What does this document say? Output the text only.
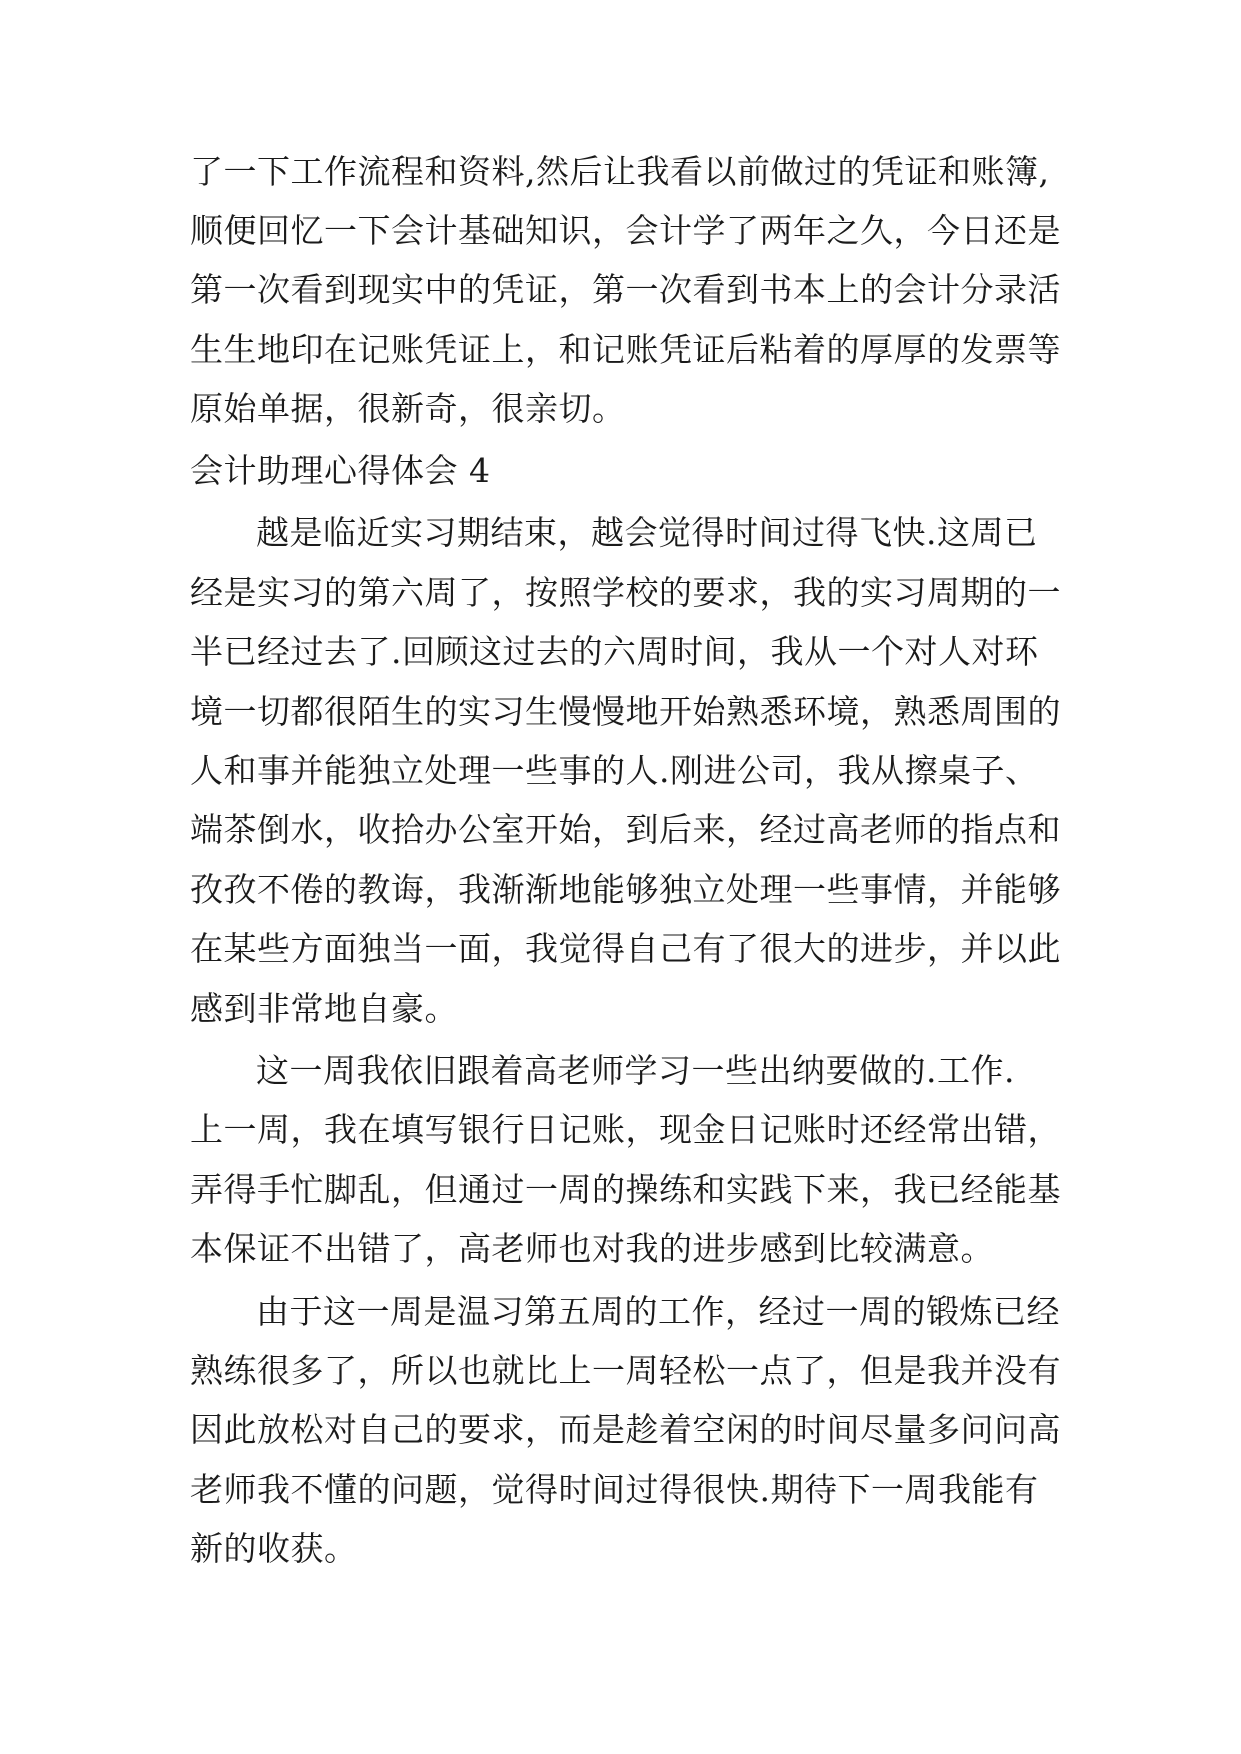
了一下工作流程和资料,然后让我看以前做过的凭证和账簿,
顺便回忆一下会计基础知识，会计学了两年之久，今日还是
第一次看到现实中的凭证，第一次看到书本上的会计分录活
生生地印在记账凭证上，和记账凭证后粘着的厚厚的发票等
原始单据，很新奇，很亲切。
会计助理心得体会 4
越是临近实习期结束，越会觉得时间过得飞快.这周已
经是实习的第六周了，按照学校的要求，我的实习周期的一
半已经过去了.回顾这过去的六周时间，我从一个对人对环
境一切都很陌生的实习生慢慢地开始熟悉环境，熟悉周围的
人和事并能独立处理一些事的人.刚进公司，我从擦桌子、
端茶倒水，收拾办公室开始，到后来，经过高老师的指点和
孜孜不倦的教诲，我渐渐地能够独立处理一些事情，并能够
在某些方面独当一面，我觉得自己有了很大的进步，并以此
感到非常地自豪。
这一周我依旧跟着高老师学习一些出纳要做的.工作.
上一周，我在填写银行日记账，现金日记账时还经常出错，
弄得手忙脚乱，但通过一周的操练和实践下来，我已经能基
本保证不出错了，高老师也对我的进步感到比较满意。
由于这一周是温习第五周的工作，经过一周的锻炼已经
熟练很多了，所以也就比上一周轻松一点了，但是我并没有
因此放松对自己的要求，而是趁着空闲的时间尽量多问问高
老师我不懂的问题，觉得时间过得很快.期待下一周我能有
新的收获。
